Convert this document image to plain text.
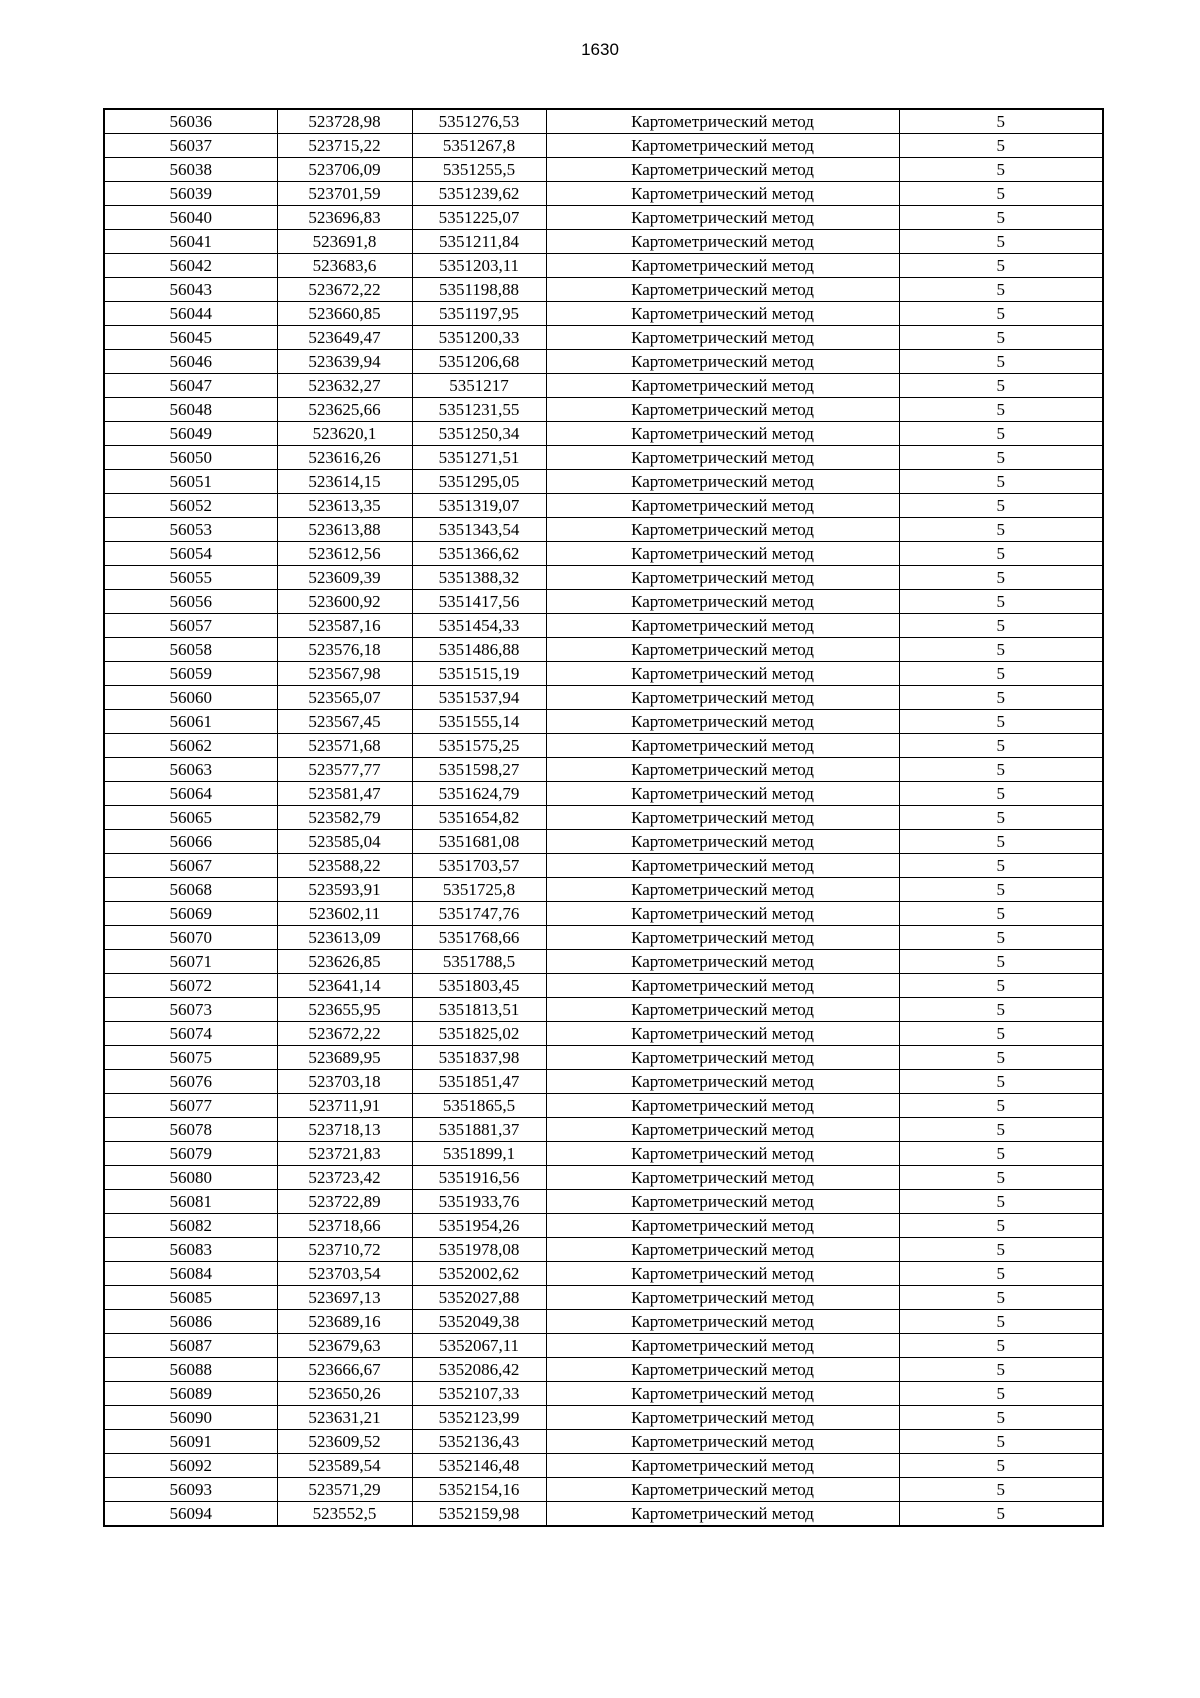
1630
56036	523728,98	5351276,53	Картометрический метод	5
56037	523715,22	5351267,8	Картометрический метод	5
56038	523706,09	5351255,5	Картометрический метод	5
56039	523701,59	5351239,62	Картометрический метод	5
56040	523696,83	5351225,07	Картометрический метод	5
56041	523691,8	5351211,84	Картометрический метод	5
56042	523683,6	5351203,11	Картометрический метод	5
56043	523672,22	5351198,88	Картометрический метод	5
56044	523660,85	5351197,95	Картометрический метод	5
56045	523649,47	5351200,33	Картометрический метод	5
56046	523639,94	5351206,68	Картометрический метод	5
56047	523632,27	5351217	Картометрический метод	5
56048	523625,66	5351231,55	Картометрический метод	5
56049	523620,1	5351250,34	Картометрический метод	5
56050	523616,26	5351271,51	Картометрический метод	5
56051	523614,15	5351295,05	Картометрический метод	5
56052	523613,35	5351319,07	Картометрический метод	5
56053	523613,88	5351343,54	Картометрический метод	5
56054	523612,56	5351366,62	Картометрический метод	5
56055	523609,39	5351388,32	Картометрический метод	5
56056	523600,92	5351417,56	Картометрический метод	5
56057	523587,16	5351454,33	Картометрический метод	5
56058	523576,18	5351486,88	Картометрический метод	5
56059	523567,98	5351515,19	Картометрический метод	5
56060	523565,07	5351537,94	Картометрический метод	5
56061	523567,45	5351555,14	Картометрический метод	5
56062	523571,68	5351575,25	Картометрический метод	5
56063	523577,77	5351598,27	Картометрический метод	5
56064	523581,47	5351624,79	Картометрический метод	5
56065	523582,79	5351654,82	Картометрический метод	5
56066	523585,04	5351681,08	Картометрический метод	5
56067	523588,22	5351703,57	Картометрический метод	5
56068	523593,91	5351725,8	Картометрический метод	5
56069	523602,11	5351747,76	Картометрический метод	5
56070	523613,09	5351768,66	Картометрический метод	5
56071	523626,85	5351788,5	Картометрический метод	5
56072	523641,14	5351803,45	Картометрический метод	5
56073	523655,95	5351813,51	Картометрический метод	5
56074	523672,22	5351825,02	Картометрический метод	5
56075	523689,95	5351837,98	Картометрический метод	5
56076	523703,18	5351851,47	Картометрический метод	5
56077	523711,91	5351865,5	Картометрический метод	5
56078	523718,13	5351881,37	Картометрический метод	5
56079	523721,83	5351899,1	Картометрический метод	5
56080	523723,42	5351916,56	Картометрический метод	5
56081	523722,89	5351933,76	Картометрический метод	5
56082	523718,66	5351954,26	Картометрический метод	5
56083	523710,72	5351978,08	Картометрический метод	5
56084	523703,54	5352002,62	Картометрический метод	5
56085	523697,13	5352027,88	Картометрический метод	5
56086	523689,16	5352049,38	Картометрический метод	5
56087	523679,63	5352067,11	Картометрический метод	5
56088	523666,67	5352086,42	Картометрический метод	5
56089	523650,26	5352107,33	Картометрический метод	5
56090	523631,21	5352123,99	Картометрический метод	5
56091	523609,52	5352136,43	Картометрический метод	5
56092	523589,54	5352146,48	Картометрический метод	5
56093	523571,29	5352154,16	Картометрический метод	5
56094	523552,5	5352159,98	Картометрический метод	5
